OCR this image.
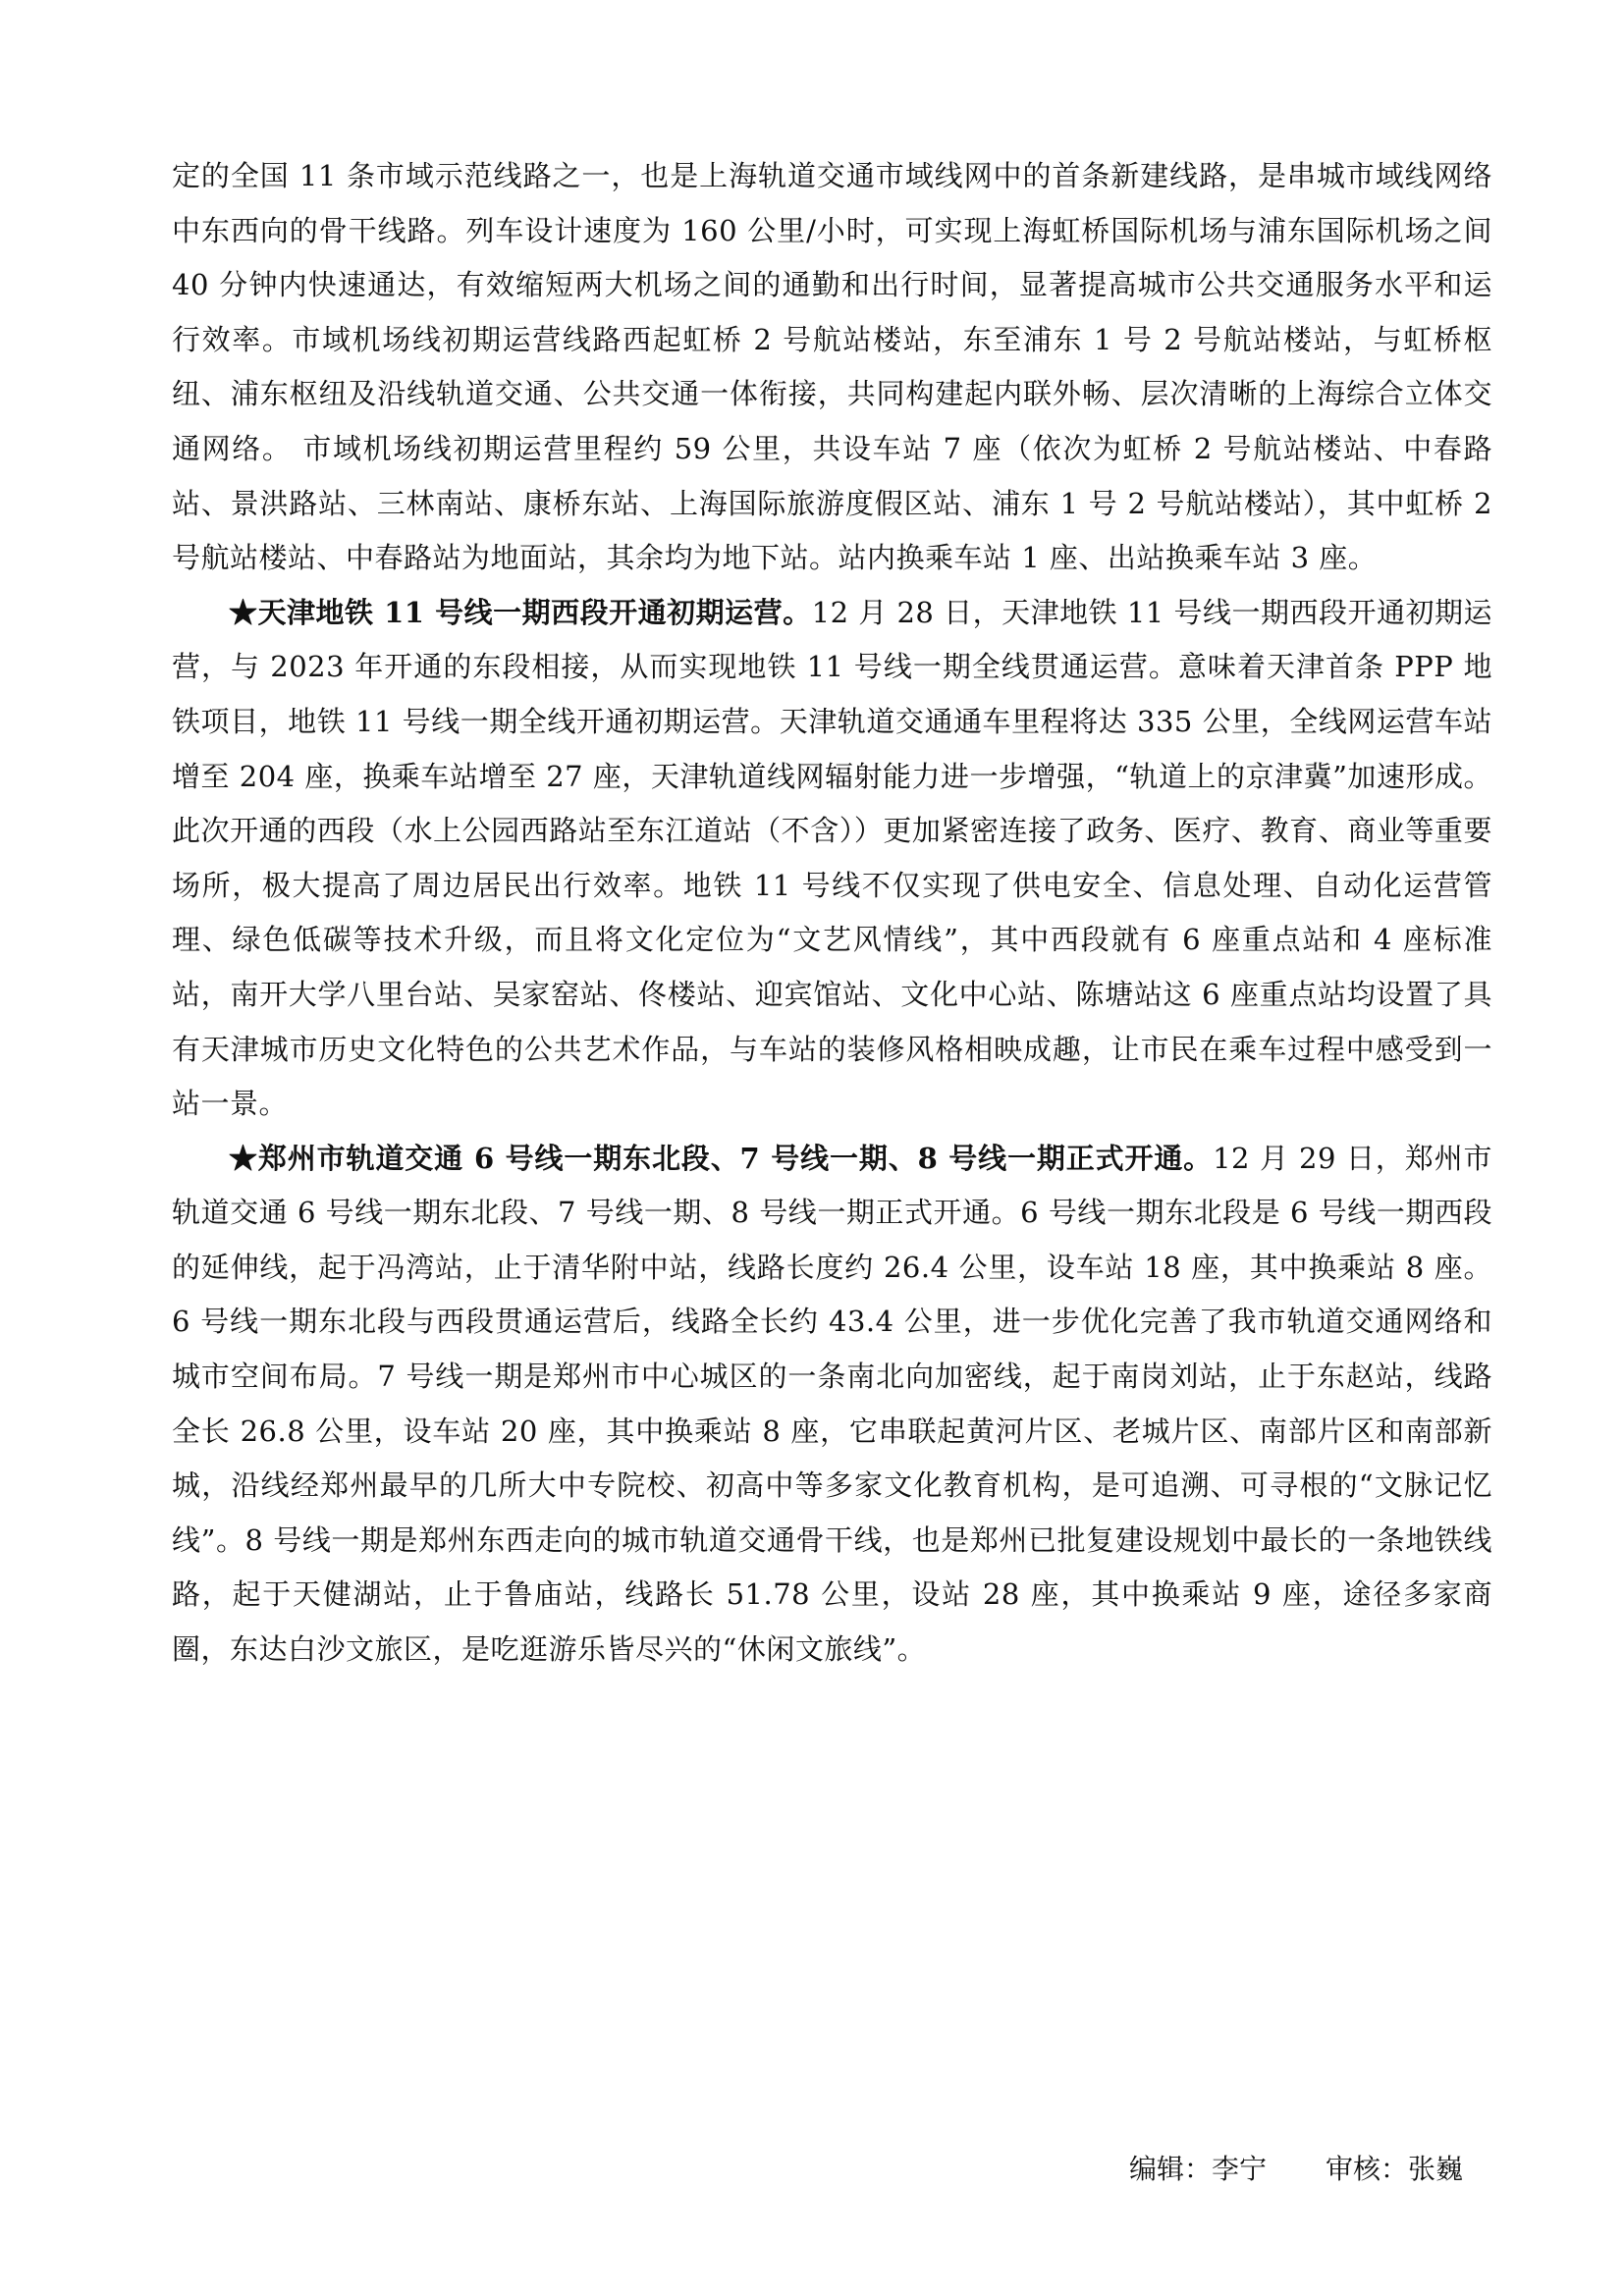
定的全国 11 条市域示范线路之一，也是上海轨道交通市域线网中的首条新建线路，是串城市域线网络中东西向的骨干线路。列车设计速度为 160 公里/小时，可实现上海虹桥国际机场与浦东国际机场之间 40 分钟内快速通达，有效缩短两大机场之间的通勤和出行时间，显著提高城市公共交通服务水平和运行效率。市域机场线初期运营线路西起虹桥 2 号航站楼站，东至浦东 1 号 2 号航站楼站，与虹桥枢纽、浦东枢纽及沿线轨道交通、公共交通一体衔接，共同构建起内联外畅、层次清晰的上海综合立体交通网络。 市域机场线初期运营里程约 59 公里，共设车站 7 座（依次为虹桥 2 号航站楼站、中春路站、景洪路站、三林南站、康桥东站、上海国际旅游度假区站、浦东 1 号 2 号航站楼站），其中虹桥 2 号航站楼站、中春路站为地面站，其余均为地下站。站内换乘车站 1 座、出站换乘车站 3 座。

★天津地铁 11 号线一期西段开通初期运营。12 月 28 日，天津地铁 11 号线一期西段开通初期运营，与 2023 年开通的东段相接，从而实现地铁 11 号线一期全线贯通运营。意味着天津首条 PPP 地铁项目，地铁 11 号线一期全线开通初期运营。天津轨道交通通车里程将达 335 公里，全线网运营车站增至 204 座，换乘车站增至 27 座，天津轨道线网辐射能力进一步增强，“轨道上的京津冀”加速形成。此次开通的西段（水上公园西路站至东江道站（不含））更加紧密连接了政务、医疗、教育、商业等重要场所，极大提高了周边居民出行效率。地铁 11 号线不仅实现了供电安全、信息处理、自动化运营管理、绿色低碳等技术升级，而且将文化定位为“文艺风情线”，其中西段就有 6 座重点站和 4 座标准站，南开大学八里台站、吴家窑站、佟楼站、迎宾馆站、文化中心站、陈塘站这 6 座重点站均设置了具有天津城市历史文化特色的公共艺术作品，与车站的装修风格相映成趣，让市民在乘车过程中感受到一站一景。

★郑州市轨道交通 6 号线一期东北段、7 号线一期、8 号线一期正式开通。12 月 29 日，郑州市轨道交通 6 号线一期东北段、7 号线一期、8 号线一期正式开通。6 号线一期东北段是 6 号线一期西段的延伸线，起于冯湾站，止于清华附中站，线路长度约 26.4 公里，设车站 18 座，其中换乘站 8 座。6 号线一期东北段与西段贯通运营后，线路全长约 43.4 公里，进一步优化完善了我市轨道交通网络和城市空间布局。7 号线一期是郑州市中心城区的一条南北向加密线，起于南岗刘站，止于东赵站，线路全长 26.8 公里，设车站 20 座，其中换乘站 8 座，它串联起黄河片区、老城片区、南部片区和南部新城，沿线经郑州最早的几所大中专院校、初高中等多家文化教育机构，是可追溯、可寻根的“文脉记忆线”。8 号线一期是郑州东西走向的城市轨道交通骨干线，也是郑州已批复建设规划中最长的一条地铁线路，起于天健湖站，止于鲁庙站，线路长 51.78 公里，设站 28 座，其中换乘站 9 座，途径多家商圈，东达白沙文旅区，是吃逛游乐皆尽兴的“休闲文旅线”。

编辑：李宁 审核：张巍
